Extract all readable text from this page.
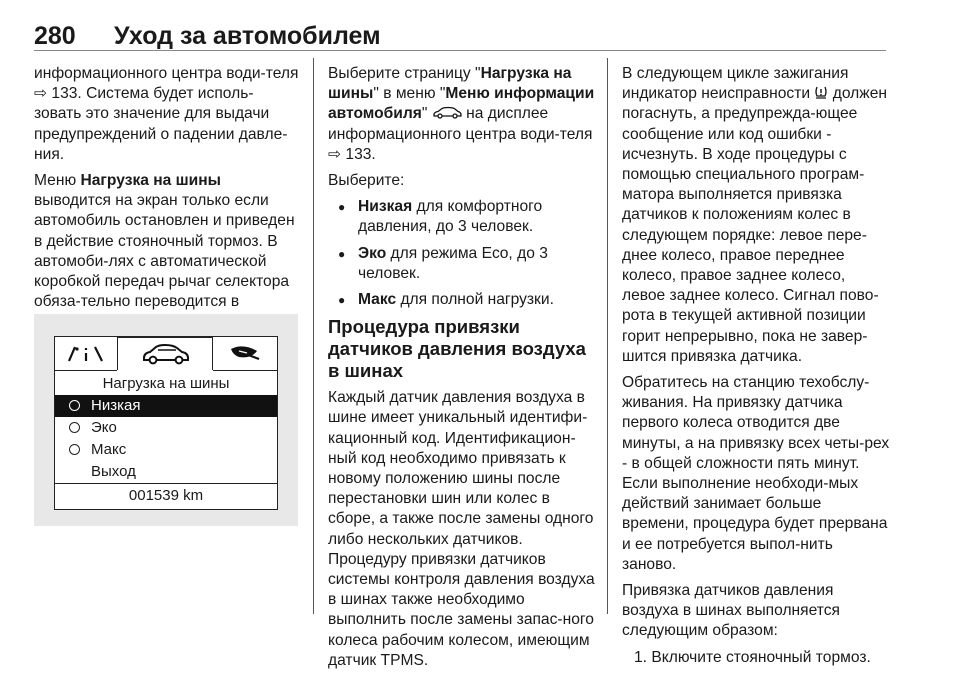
280 Уход за автомобилем

информационного центра води-теля ⇨ 133. Система будет исполь-зовать это значение для выдачи предупреждений о падении давле-ния.

Меню Нагрузка на шины выводится на экран только если автомобиль остановлен и приведен в действие стояночный тормоз. В автомоби-лях с автоматической коробкой передач рычаг селектора обяза-тельно переводится в

Нагрузка на шины
Низкая
Эко
Макс
Выход
001539 km

Выберите страницу "Нагрузка на шины" в меню "Меню информации автомобиля"  на дисплее информационного центра води-теля ⇨ 133.

Выберите:

● Низкая для комфортного давления, до 3 человек.
● Эко для режима Eco, до 3 человек.
● Макс для полной нагрузки.
Процедура привязки датчиков давления воздуха в шинах

Каждый датчик давления воздуха в шине имеет уникальный идентифи-кационный код. Идентификацион-ный код необходимо привязать к новому положению шины после перестановки шин или колес в сборе, а также после замены одного либо нескольких датчиков. Процедуру привязки датчиков системы контроля давления воздуха в шинах также необходимо выполнить после замены запас-ного колеса рабочим колесом, имеющим датчик TPMS.

В следующем цикле зажигания индикатор неисправности  должен погаснуть, а предупрежда-ющее сообщение или код ошибки - исчезнуть. В ходе процедуры с помощью специального програм-матора выполняется привязка датчиков к положениям колес в следующем порядке: левое пере-днее колесо, правое переднее колесо, правое заднее колесо, левое заднее колесо. Сигнал пово-рота в текущей активной позиции горит непрерывно, пока не завер-шится привязка датчика.

Обратитесь на станцию техобслу-живания. На привязку датчика первого колеса отводится две минуты, а на привязку всех четы-рех - в общей сложности пять минут. Если выполнение необходи-мых действий занимает больше времени, процедура будет прервана и ее потребуется выпол-нить заново.

Привязка датчиков давления воздуха в шинах выполняется следующим образом:

1. Включите стояночный тормоз.
